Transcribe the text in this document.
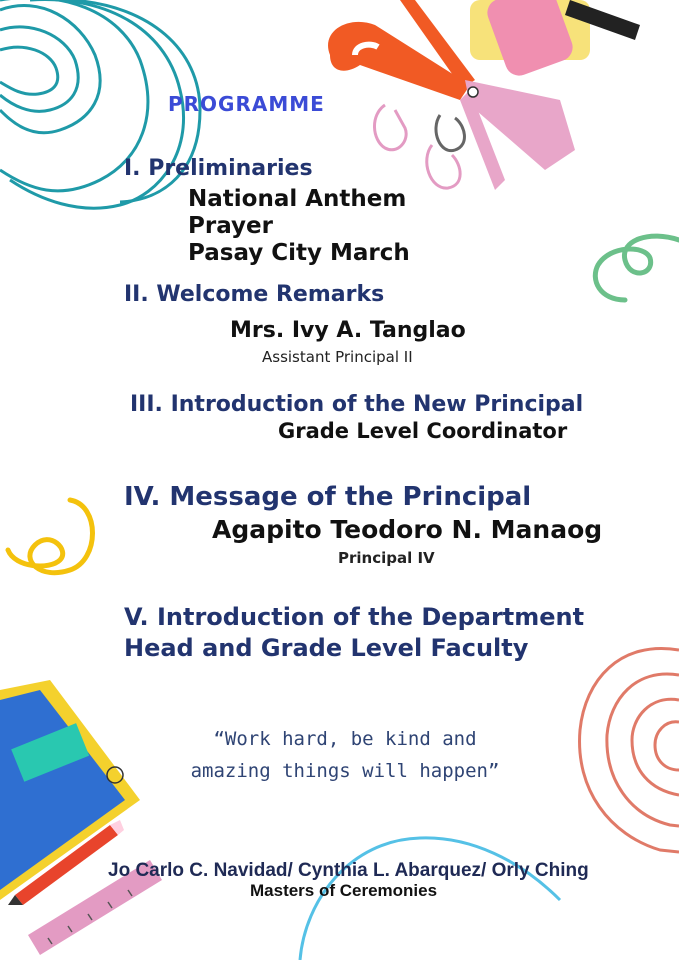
PROGRAMME
I. Preliminaries
National Anthem
Prayer
Pasay City March
II. Welcome Remarks
Mrs. Ivy A. Tanglao
Assistant Principal II
III. Introduction of the New Principal
Grade Level Coordinator
IV. Message of the Principal
Agapito Teodoro N. Manaog
Principal IV
V. Introduction of the Department
Head and Grade Level Faculty
“Work hard, be kind and
amazing things will happen”
Jo Carlo C. Navidad/ Cynthia L. Abarquez/ Orly Ching
Masters of Ceremonies
